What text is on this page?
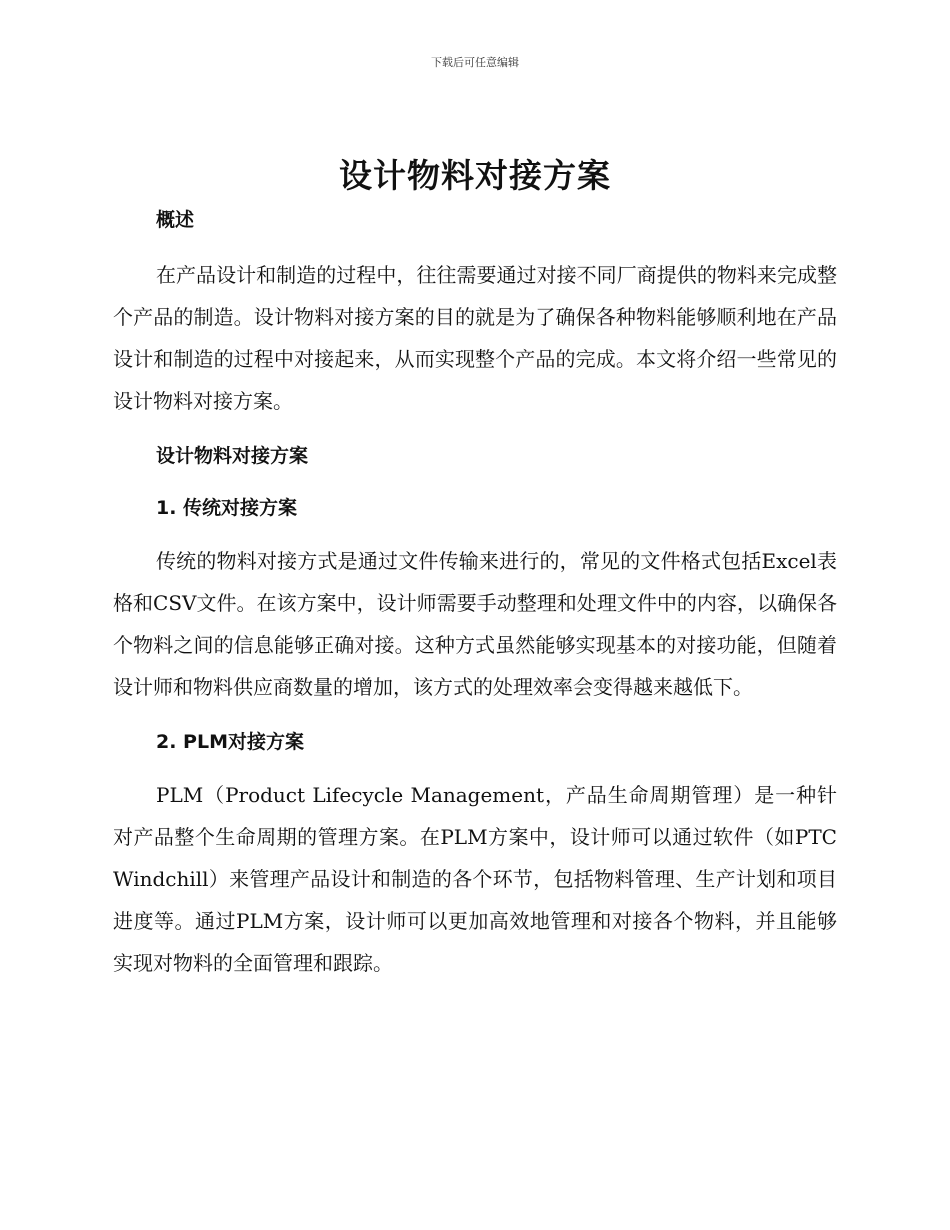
下载后可任意编辑
设计物料对接方案
概述

在产品设计和制造的过程中，往往需要通过对接不同厂商提供的物料来完成整个产品的制造。设计物料对接方案的目的就是为了确保各种物料能够顺利地在产品设计和制造的过程中对接起来，从而实现整个产品的完成。本文将介绍一些常见的设计物料对接方案。

设计物料对接方案
1. 传统对接方案

传统的物料对接方式是通过文件传输来进行的，常见的文件格式包括Excel表格和CSV文件。在该方案中，设计师需要手动整理和处理文件中的内容，以确保各个物料之间的信息能够正确对接。这种方式虽然能够实现基本的对接功能，但随着设计师和物料供应商数量的增加，该方式的处理效率会变得越来越低下。

2. PLM对接方案

PLM（Product Lifecycle Management，产品生命周期管理）是一种针对产品整个生命周期的管理方案。在PLM方案中，设计师可以通过软件（如PTC Windchill）来管理产品设计和制造的各个环节，包括物料管理、生产计划和项目进度等。通过PLM方案，设计师可以更加高效地管理和对接各个物料，并且能够实现对物料的全面管理和跟踪。
